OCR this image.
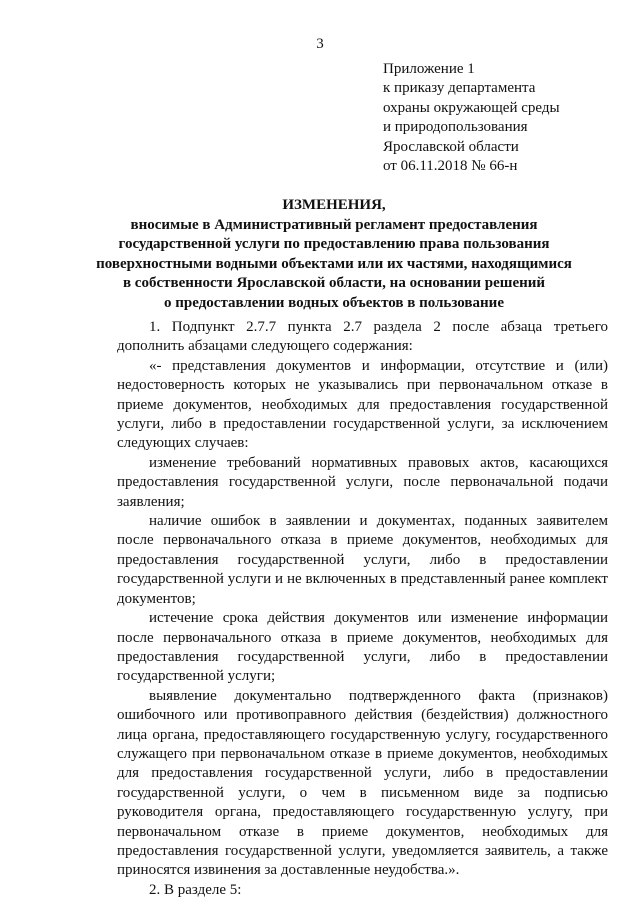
3
Приложение 1
к приказу департамента
охраны окружающей среды
и природопользования
Ярославской области
от 06.11.2018 № 66-н
ИЗМЕНЕНИЯ,
вносимые в Административный регламент предоставления
государственной услуги по предоставлению права пользования
поверхностными водными объектами или их частями, находящимися
в собственности Ярославской области, на основании решений
о предоставлении водных объектов в пользование

1. Подпункт 2.7.7 пункта 2.7 раздела 2 после абзаца третьего дополнить абзацами следующего содержания:

«- представления документов и информации, отсутствие и (или) недостоверность которых не указывались при первоначальном отказе в приеме документов, необходимых для предоставления государственной услуги, либо в предоставлении государственной услуги, за исключением следующих случаев:

изменение требований нормативных правовых актов, касающихся предоставления государственной услуги, после первоначальной подачи заявления;

наличие ошибок в заявлении и документах, поданных заявителем после первоначального отказа в приеме документов, необходимых для предоставления государственной услуги, либо в предоставлении государственной услуги и не включенных в представленный ранее комплект документов;

истечение срока действия документов или изменение информации после первоначального отказа в приеме документов, необходимых для предоставления государственной услуги, либо в предоставлении государственной услуги;

выявление документально подтвержденного факта (признаков) ошибочного или противоправного действия (бездействия) должностного лица органа, предоставляющего государственную услугу, государственного служащего при первоначальном отказе в приеме документов, необходимых для предоставления государственной услуги, либо в предоставлении государственной услуги, о чем в письменном виде за подписью руководителя органа, предоставляющего государственную услугу, при первоначальном отказе в приеме документов, необходимых для предоставления государственной услуги, уведомляется заявитель, а также приносятся извинения за доставленные неудобства.».

2. В разделе 5:
